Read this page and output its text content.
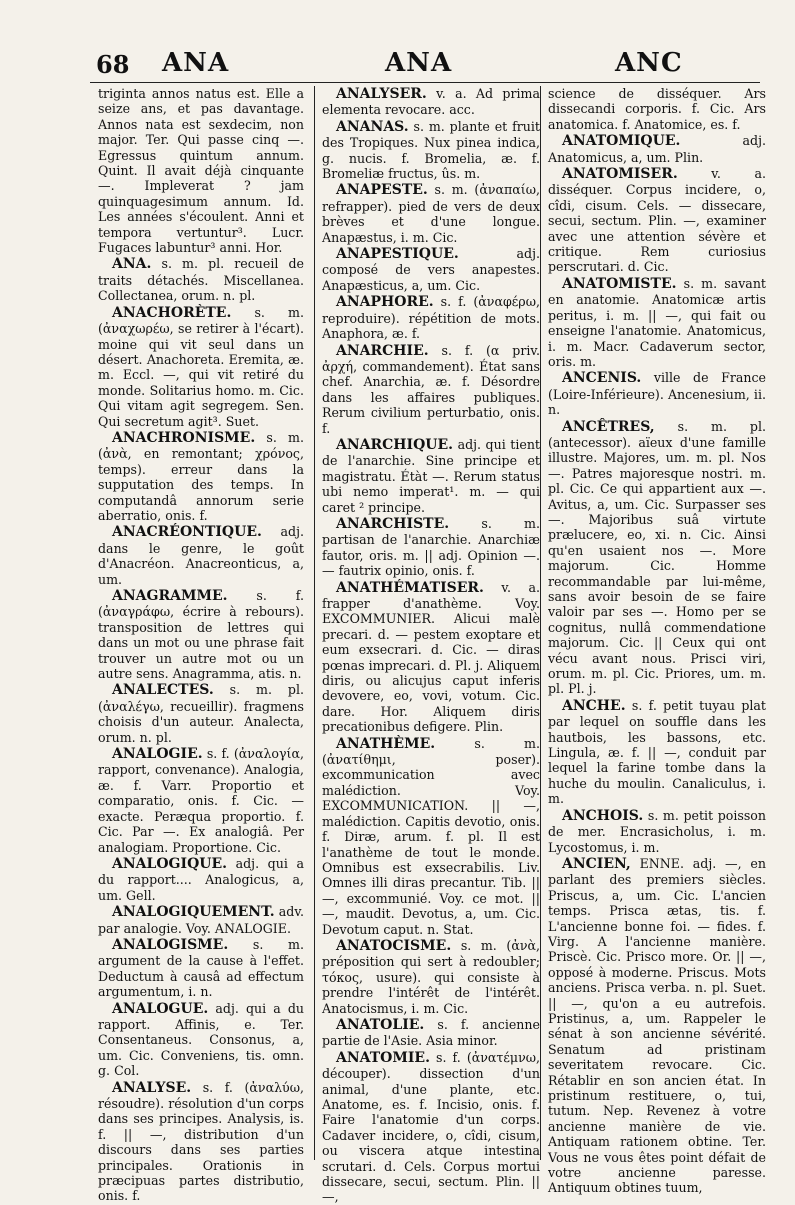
68 ANA	ANA	ANC

triginta annos natus est. Elle a seize ans, et pas davantage. Annos nata est sexdecim, non major. Ter. Qui passe cinq —. Egressus quintum annum. Quint. Il avait déjà cinquante —. Impleverat ? jam quinquagesimum annum. Id. Les années s'écoulent. Anni et tempora vertuntur³. Lucr. Fugaces labuntur³ anni. Hor.

ANA. s. m. pl. recueil de traits détachés. Miscellanea. Collectanea, orum. n. pl.

ANACHORÈTE. s. m. (ἀναχωρέω, se retirer à l'écart). moine qui vit seul dans un désert. Anachoreta. Eremita, æ. m. Eccl. —, qui vit retiré du monde. Solitarius homo. m. Cic. Qui vitam agit segregem. Sen. Qui secretum agit³. Suet.

ANACHRONISME. s. m. (ἀνὰ, en remontant; χρόνος, temps). erreur dans la supputation des temps. In computandâ annorum serie aberratio, onis. f.

ANACRÉONTIQUE. adj. dans le genre, le goût d'Anacréon. Anacreonticus, a, um.

ANAGRAMME. s. f. (ἀναγράφω, écrire à rebours). transposition de lettres qui dans un mot ou une phrase fait trouver un autre mot ou un autre sens. Anagramma, atis. n.

ANALECTES. s. m. pl. (ἀναλέγω, recueillir). fragmens choisis d'un auteur. Analecta, orum. n. pl.

ANALOGIE. s. f. (ἀναλογία, rapport, convenance). Analogia, æ. f. Varr. Proportio et comparatio, onis. f. Cic. — exacte. Peræqua proportio. f. Cic. Par —. Ex analogiâ. Per analogiam. Proportione. Cic.

ANALOGIQUE. adj. qui a du rapport.... Analogicus, a, um. Gell.

ANALOGIQUEMENT. adv. par analogie. Voy. ANALOGIE.

ANALOGISME. s. m. argument de la cause à l'effet. Deductum à causâ ad effectum argumentum, i. n.

ANALOGUE. adj. qui a du rapport. Affinis, e. Ter. Consentaneus. Consonus, a, um. Cic. Conveniens, tis. omn. g. Col.

ANALYSE. s. f. (ἀναλύω, résoudre). résolution d'un corps dans ses principes. Analysis, is. f. || —, distribution d'un discours dans ses parties principales. Orationis in præcipuas partes distributio, onis. f.

ANALYSER. v. a. Ad prima elementa revocare. acc.

ANANAS. s. m. plante et fruit des Tropiques. Nux pinea indica, g. nucis. f. Bromelia, æ. f. Bromeliæ fructus, ûs. m.

ANAPESTE. s. m. (ἀναπαίω, refrapper). pied de vers de deux brèves et d'une longue. Anapæstus, i. m. Cic.

ANAPESTIQUE.	adj. composé de vers anapestes. Anapæsticus, a, um. Cic.

ANAPHORE. s. f. (ἀναφέρω, reproduire). répétition de mots. Anaphora, æ. f.

ANARCHIE. s. f. (α priv. ἀρχή, commandement). État sans chef. Anarchia, æ. f. Désordre dans les affaires publiques. Rerum civilium perturbatio, onis. f.

ANARCHIQUE. adj. qui tient de l'anarchie. Sine principe et magistratu. Étàt —. Rerum status ubi nemo imperat¹. m. — qui caret ² principe.

ANARCHISTE.	s. m. partisan de l'anarchie. Anarchiæ fautor, oris. m. || adj. Opinion —. — fautrix opinio, onis. f.

ANATHÉMATISER. v. a. frapper d'anathème. Voy. EXCOMMUNIER. Alicui malè precari. d. — pestem exoptare et eum exsecrari. d. Cic. — diras pœnas imprecari. d. Pl. j. Aliquem diris, ou alicujus caput inferis devovere, eo, vovi, votum. Cic. dare. Hor. Aliquem diris precationibus defigere. Plin.

ANATHÈME.	s. m. (ἀνατίθημι, poser). excommunication avec malédiction. Voy. EXCOMMUNICATION. || —, malédiction. Capitis devotio, onis. f. Diræ, arum. f. pl. Il est l'anathème de tout le monde. Omnibus est exsecrabilis. Liv. Omnes illi diras precantur. Tib. || —, excommunié. Voy. ce mot. || —, maudit. Devotus, a, um. Cic. Devotum caput. n. Stat.

ANATOCISME. s. m. (ἀνὰ, préposition qui sert à redoubler; τόκος, usure). qui consiste à prendre l'intérêt de l'intérêt. Anatocismus, i. m. Cic.

ANATOLIE. s. f. ancienne partie de l'Asie. Asia minor.

ANATOMIE. s. f. (ἀνατέμνω, découper). dissection d'un animal, d'une plante, etc. Anatome, es. f. Incisio, onis. f. Faire l'anatomie d'un corps. Cadaver incidere, o, cîdi, cisum, ou viscera atque intestina scrutari. d. Cels. Corpus mortui dissecare, secui, sectum. Plin. || —,

science de disséquer. Ars dissecandi corporis. f. Cic. Ars anatomica. f. Anatomice, es. f.

ANATOMIQUE.	adj. Anatomicus, a, um. Plin.

ANATOMISER.	v. a. disséquer. Corpus incidere, o, cîdi, cisum. Cels. — dissecare, secui, sectum. Plin. —, examiner avec une attention sévère et critique. Rem curiosius perscrutari. d. Cic.

ANATOMISTE. s. m. savant en anatomie. Anatomicæ artis peritus, i. m. || —, qui fait ou enseigne l'anatomie. Anatomicus, i. m. Macr. Cadaverum sector, oris. m.

ANCENIS. ville de France (Loire-Inférieure). Ancenesium, ii. n.

ANCÊTRES, s. m. pl. (antecessor). aïeux d'une famille illustre. Majores, um. m. pl. Nos —. Patres majoresque nostri. m. pl. Cic. Ce qui appartient aux —. Avitus, a, um. Cic. Surpasser ses —. Majoribus suâ virtute prælucere, eo, xi. n. Cic. Ainsi qu'en usaient nos —. More majorum. Cic. Homme recommandable par lui-même, sans avoir besoin de se faire valoir par ses —. Homo per se cognitus, nullâ commendatione majorum. Cic. || Ceux qui ont vécu avant nous. Prisci viri, orum. m. pl. Cic. Priores, um. m. pl. Pl. j.

ANCHE. s. f. petit tuyau plat par lequel on souffle dans les hautbois, les bassons, etc. Lingula, æ. f. || —, conduit par lequel la farine tombe dans la huche du moulin. Canaliculus, i. m.

ANCHOIS. s. m. petit poisson de mer. Encrasicholus, i. m. Lycostomus, i. m.

ANCIEN, ENNE. adj. —, en parlant des premiers siècles. Priscus, a, um. Cic. L'ancien temps. Prisca ætas, tis. f. L'ancienne bonne foi. — fides. f. Virg. A l'ancienne manière. Priscè. Cic. Prisco more. Or. || —, opposé à moderne. Priscus. Mots anciens. Prisca verba. n. pl. Suet. || —, qu'on a eu autrefois. Pristinus, a, um. Rappeler le sénat à son ancienne sévérité. Senatum ad pristinam severitatem revocare. Cic. Rétablir en son ancien état. In pristinum restituere, o, tui, tutum. Nep. Revenez à votre ancienne manière de vie. Antiquam rationem obtine. Ter. Vous ne vous êtes point défait de votre ancienne paresse. Antiquum obtines tuum,
